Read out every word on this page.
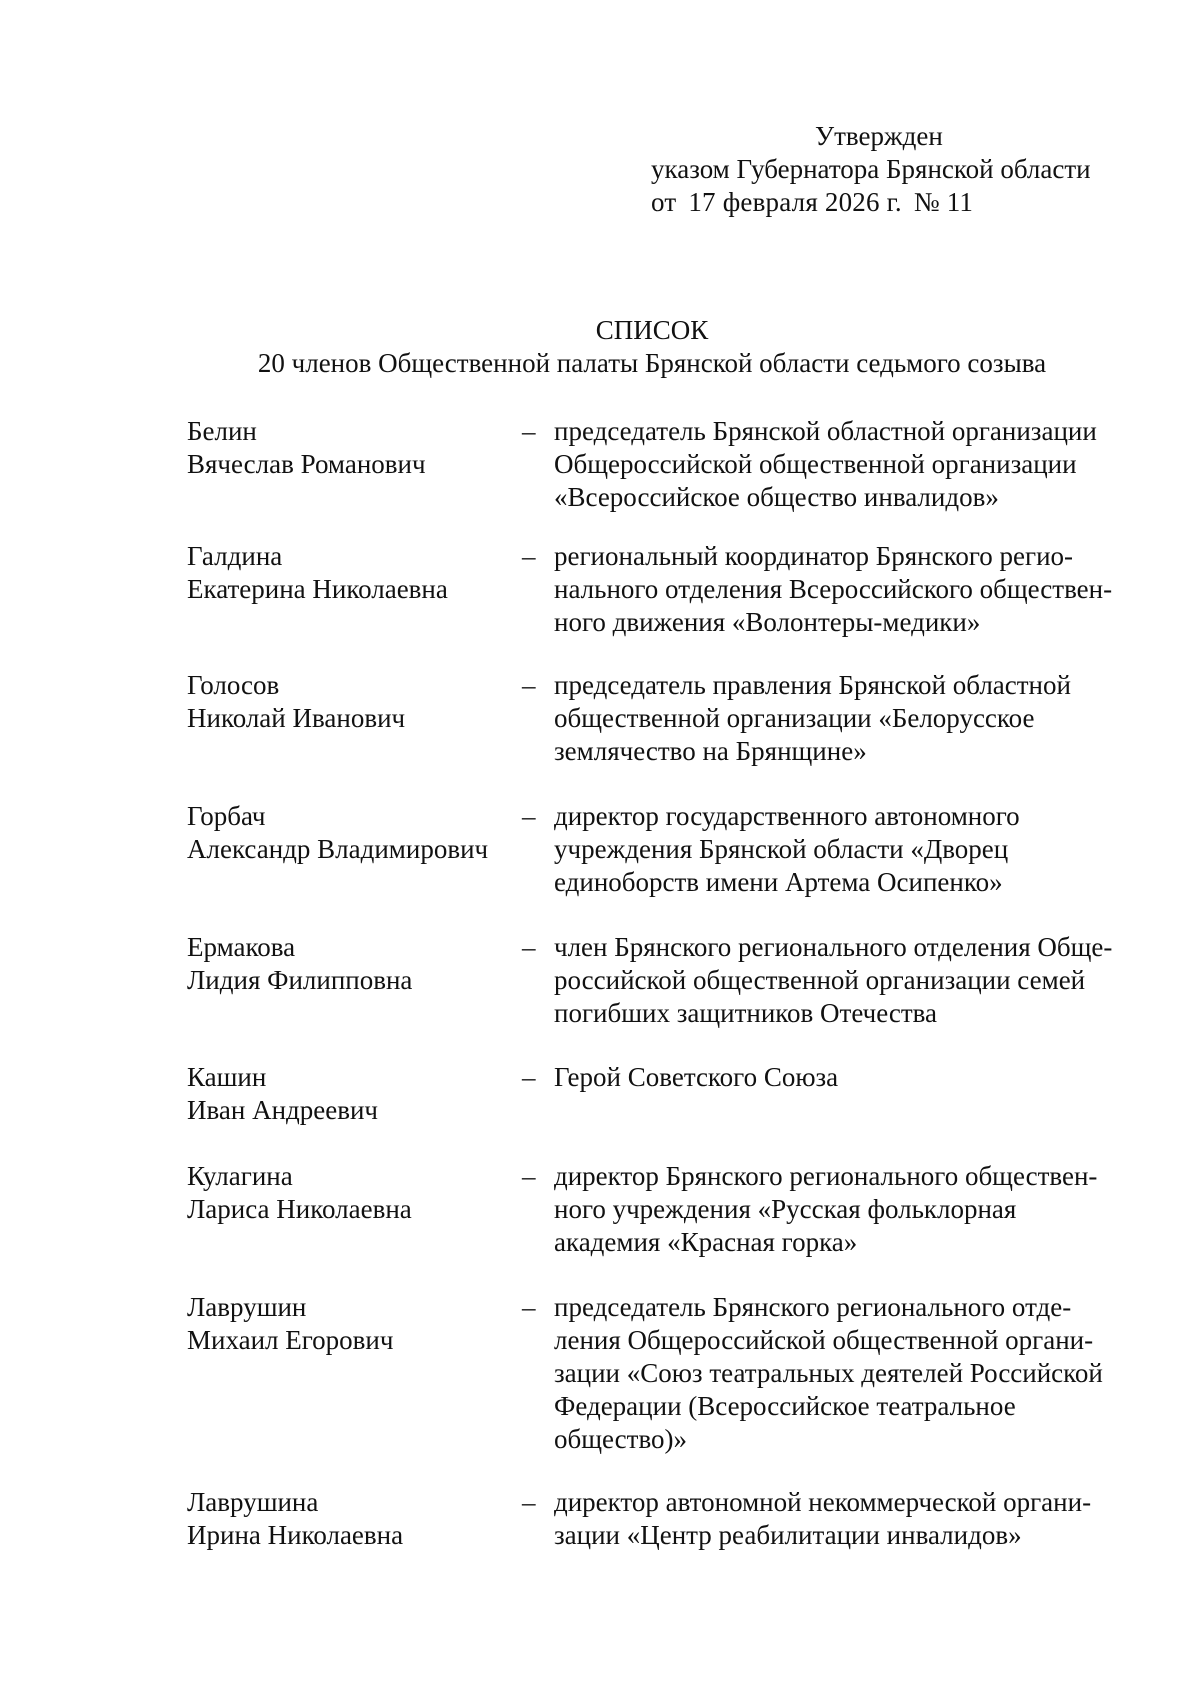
Утвержден
указом Губернатора Брянской области
от 17 февраля 2026 г. № 11
СПИСОК
20 членов Общественной палаты Брянской области седьмого созыва
Белин
Вячеслав Романович
– председатель Брянской областной организации
Общероссийской общественной организации
«Всероссийское общество инвалидов»
Галдина
Екатерина Николаевна
– региональный координатор Брянского регио-
нального отделения Всероссийского обществен-
ного движения «Волонтеры-медики»
Голосов
Николай Иванович
– председатель правления Брянской областной
общественной организации «Белорусское
землячество на Брянщине»
Горбач
Александр Владимирович
– директор государственного автономного
учреждения Брянской области «Дворец
единоборств имени Артема Осипенко»
Ермакова
Лидия Филипповна
– член Брянского регионального отделения Обще-
российской общественной организации семей
погибших защитников Отечества
Кашин
Иван Андреевич
– Герой Советского Союза
Кулагина
Лариса Николаевна
– директор Брянского регионального обществен-
ного учреждения «Русская фольклорная
академия «Красная горка»
Лаврушин
Михаил Егорович
– председатель Брянского регионального отде-
ления Общероссийской общественной органи-
зации «Союз театральных деятелей Российской
Федерации (Всероссийское театральное
общество)»
Лаврушина
Ирина Николаевна
– директор автономной некоммерческой органи-
зации «Центр реабилитации инвалидов»
